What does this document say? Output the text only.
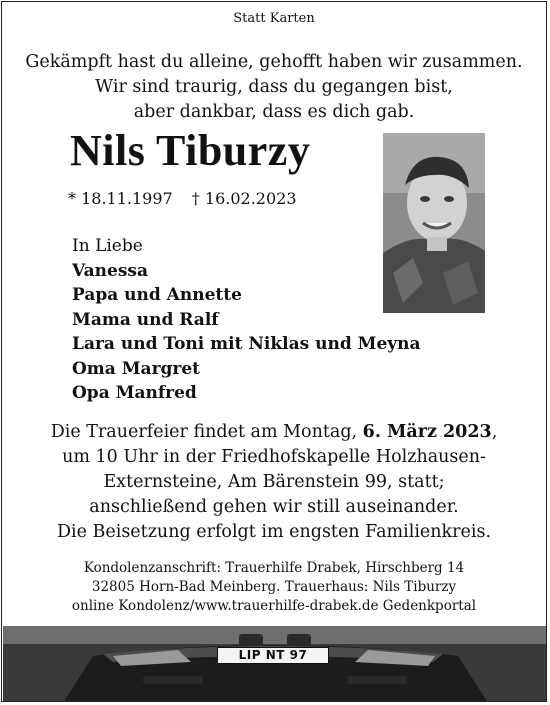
Statt Karten
Gekämpft hast du alleine, gehofft haben wir zusammen.
Wir sind traurig, dass du gegangen bist,
aber dankbar, dass es dich gab.
Nils Tiburzy
* 18.11.1997 † 16.02.2023
In Liebe
Vanessa
Papa und Annette
Mama und Ralf
Lara und Toni mit Niklas und Meyna
Oma Margret
Opa Manfred
Die Trauerfeier findet am Montag, 6. März 2023,
um 10 Uhr in der Friedhofskapelle Holzhausen-
Externsteine, Am Bärenstein 99, statt;
anschließend gehen wir still auseinander.
Die Beisetzung erfolgt im engsten Familienkreis.
Kondolenzanschrift: Trauerhilfe Drabek, Hirschberg 14
32805 Horn-Bad Meinberg. Trauerhaus: Nils Tiburzy
online Kondolenz/www.trauerhilfe-drabek.de Gedenkportal
LIP NT 97
